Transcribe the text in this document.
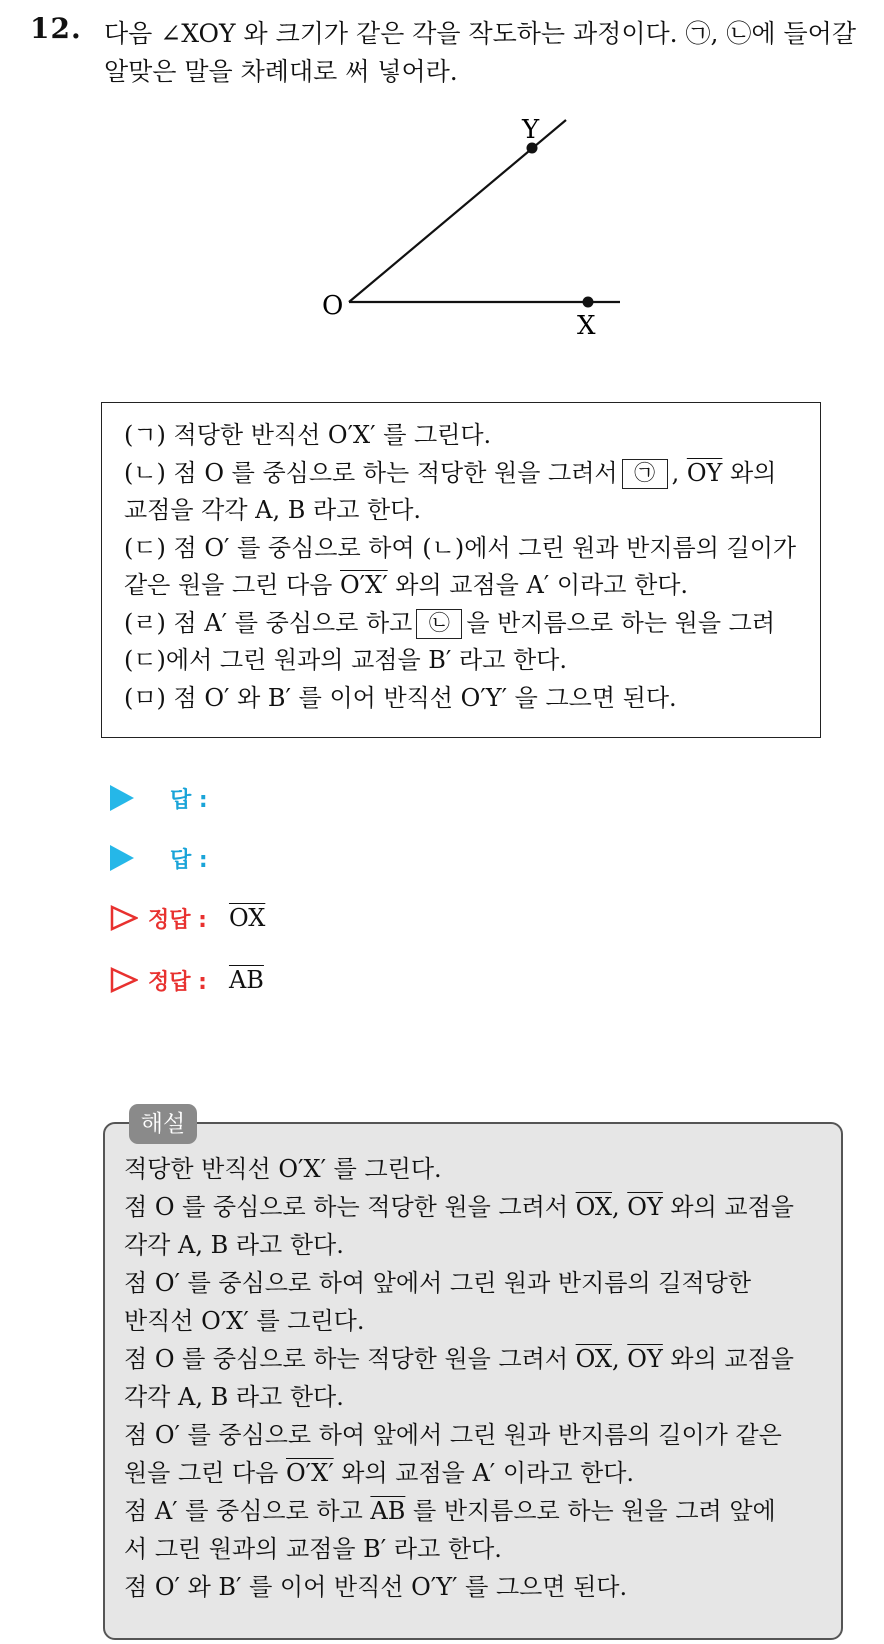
12. 다음 ∠XOY 와 크기가 같은 각을 작도하는 과정이다. ㉠, ㉡에 들어갈
알맞은 말을 차례대로 써 넣어라.
O
X
Y
(ㄱ) 적당한 반직선 O′X′ 를 그린다.
(ㄴ) 점 O 를 중심으로 하는 적당한 원을 그려서 ㉠ , $\overline{OY}$ 와의
교점을 각각 A, B 라고 한다.
(ㄷ) 점 O′ 를 중심으로 하여 (ㄴ)에서 그린 원과 반지름의 길이가
같은 원을 그린 다음 O′X′ 와의 교점을 A′ 이라고 한다.
(ㄹ) 점 A′ 를 중심으로 하고 ㉡ 을 반지름으로 하는 원을 그려
(ㄷ)에서 그린 원과의 교점을 B′ 라고 한다.
(ㅁ) 점 O′ 와 B′ 를 이어 반직선 O′Y′ 을 그으면 된다.
답 :
답 :
정답 : $\overline{OX}$
정답 : $\overline{AB}$
해설
적당한 반직선 O′X′ 를 그린다.
점 O 를 중심으로 하는 적당한 원을 그려서 $\overline{OX}$, $\overline{OY}$ 와의 교점을
각각 A, B 라고 한다.
점 O′ 를 중심으로 하여 앞에서 그린 원과 반지름의 길적당한
반직선 O′X′ 를 그린다.
점 O 를 중심으로 하는 적당한 원을 그려서 $\overline{OX}$, $\overline{OY}$ 와의 교점을
각각 A, B 라고 한다.
점 O′ 를 중심으로 하여 앞에서 그린 원과 반지름의 길이가 같은
원을 그린 다음 O′X′ 와의 교점을 A′ 이라고 한다.
점 A′ 를 중심으로 하고 $\overline{AB}$ 를 반지름으로 하는 원을 그려 앞에
서 그린 원과의 교점을 B′ 라고 한다.
점 O′ 와 B′ 를 이어 반직선 O′Y′ 를 그으면 된다.
